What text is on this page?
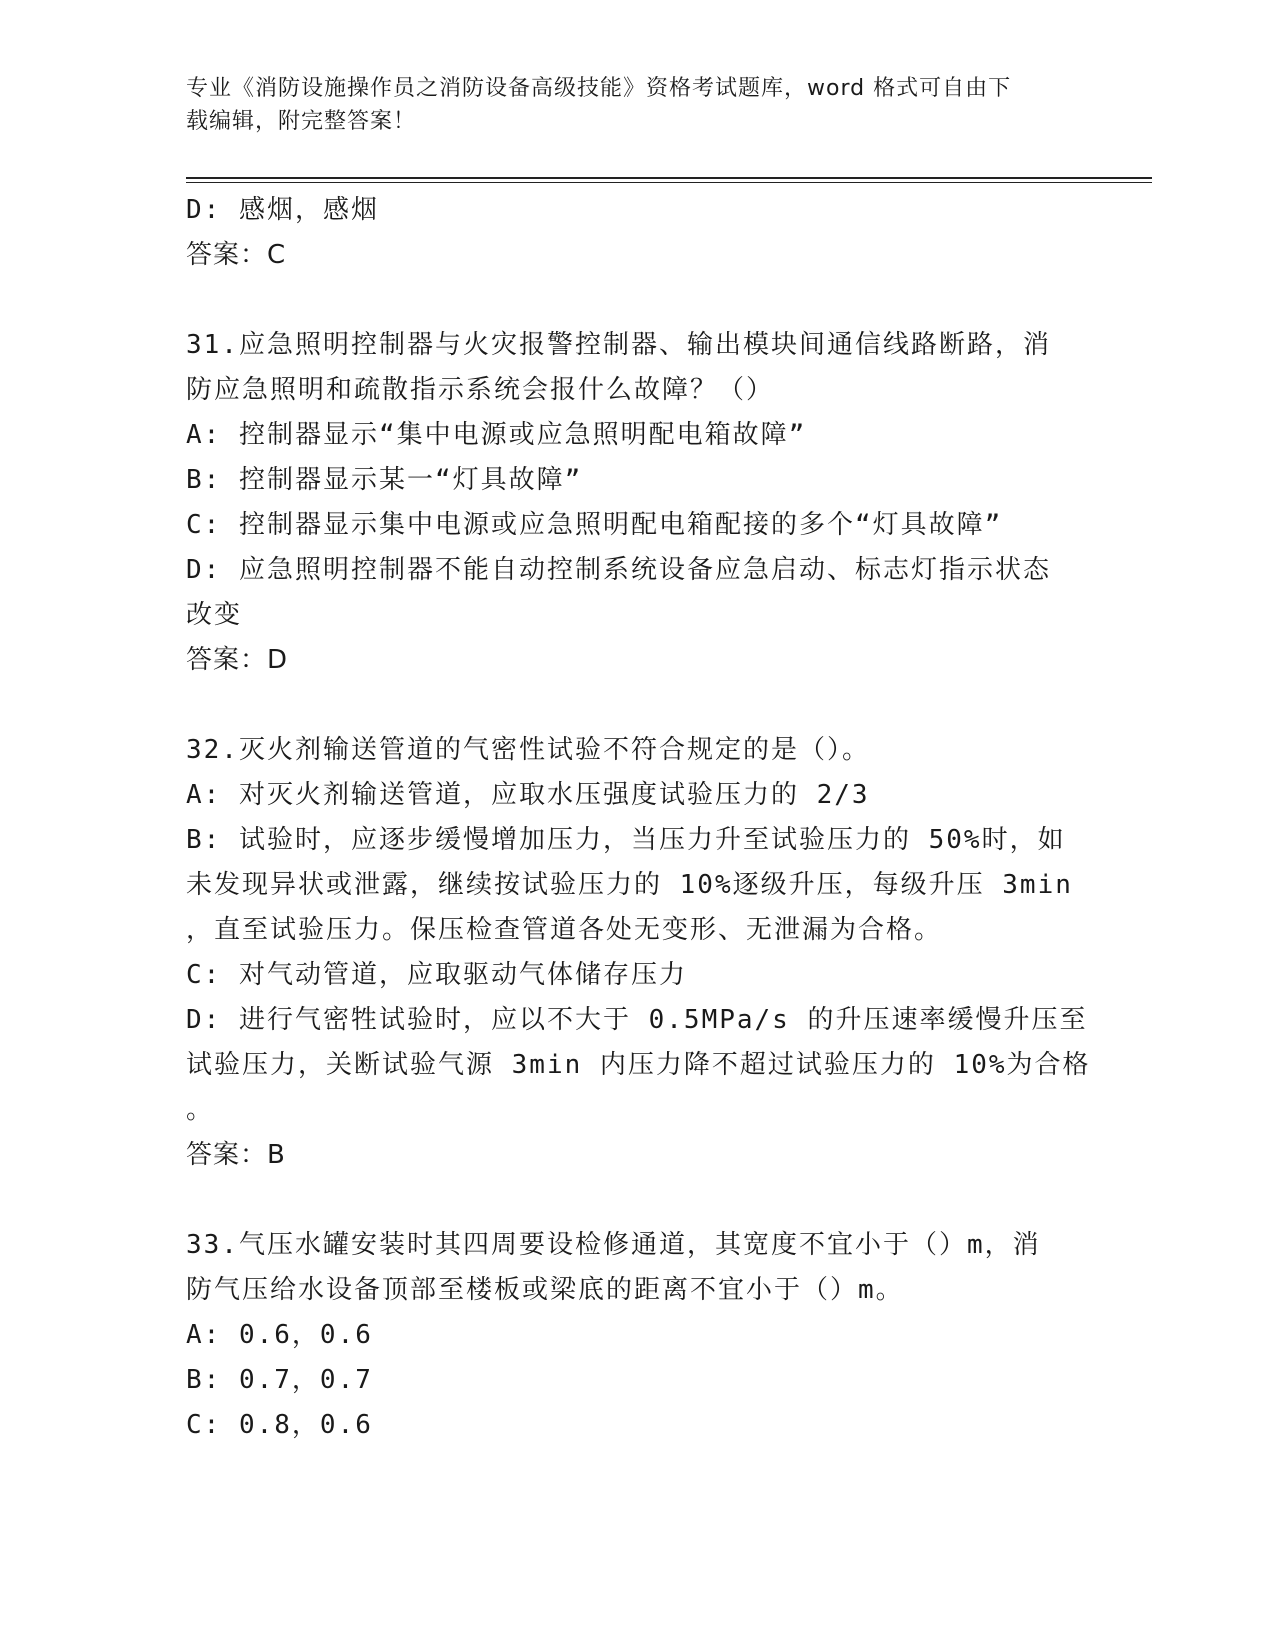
专业《消防设施操作员之消防设备高级技能》资格考试题库，word 格式可自由下
载编辑，附完整答案！
D: 感烟，感烟
答案：C
31.应急照明控制器与火灾报警控制器、输出模块间通信线路断路，消
防应急照明和疏散指示系统会报什么故障？（）
A: 控制器显示“集中电源或应急照明配电箱故障”
B: 控制器显示某一“灯具故障”
C: 控制器显示集中电源或应急照明配电箱配接的多个“灯具故障”
D: 应急照明控制器不能自动控制系统设备应急启动、标志灯指示状态
改变
答案：D
32.灭火剂输送管道的气密性试验不符合规定的是（）。
A: 对灭火剂输送管道，应取水压强度试验压力的 2/3
B: 试验时，应逐步缓慢增加压力，当压力升至试验压力的 50%时，如
未发现异状或泄露，继续按试验压力的 10%逐级升压，每级升压 3min
，直至试验压力。保压检查管道各处无变形、无泄漏为合格。
C: 对气动管道，应取驱动气体储存压力
D: 进行气密牲试验时，应以不大于 0.5MPa/s 的升压速率缓慢升压至
试验压力，关断试验气源 3min 内压力降不超过试验压力的 10%为合格
。
答案：B
33.气压水罐安装时其四周要设检修通道，其宽度不宜小于（）m，消
防气压给水设备顶部至楼板或梁底的距离不宜小于（）m。
A: 0.6，0.6
B: 0.7，0.7
C: 0.8，0.6
